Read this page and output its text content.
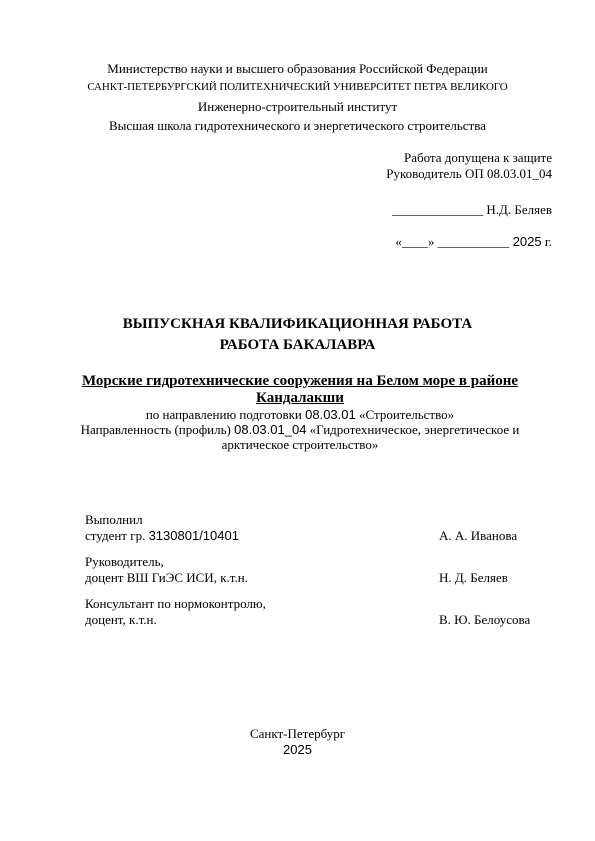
Министерство науки и высшего образования Российской Федерации
САНКТ-ПЕТЕРБУРГСКИЙ ПОЛИТЕХНИЧЕСКИЙ УНИВЕРСИТЕТ ПЕТРА ВЕЛИКОГО
Инженерно-строительный институт
Высшая школа гидротехнического и энергетического строительства
Работа допущена к защите
Руководитель ОП 08.03.01_04
______________ Н.Д. Беляев
«____» ___________ 2025 г.
ВЫПУСКНАЯ КВАЛИФИКАЦИОННАЯ РАБОТА
РАБОТА БАКАЛАВРА
Морские гидротехнические сооружения на Белом море в районе Кандалакши
по направлению подготовки 08.03.01 «Строительство»
Направленность (профиль) 08.03.01_04 «Гидротехническое, энергетическое и арктическое строительство»
Выполнил
студент гр. 3130801/10401	А. А. Иванова
Руководитель,
доцент ВШ ГиЭС ИСИ, к.т.н.	Н. Д. Беляев
Консультант по нормоконтролю,
доцент, к.т.н.	В. Ю. Белоусова
Санкт-Петербург
2025
